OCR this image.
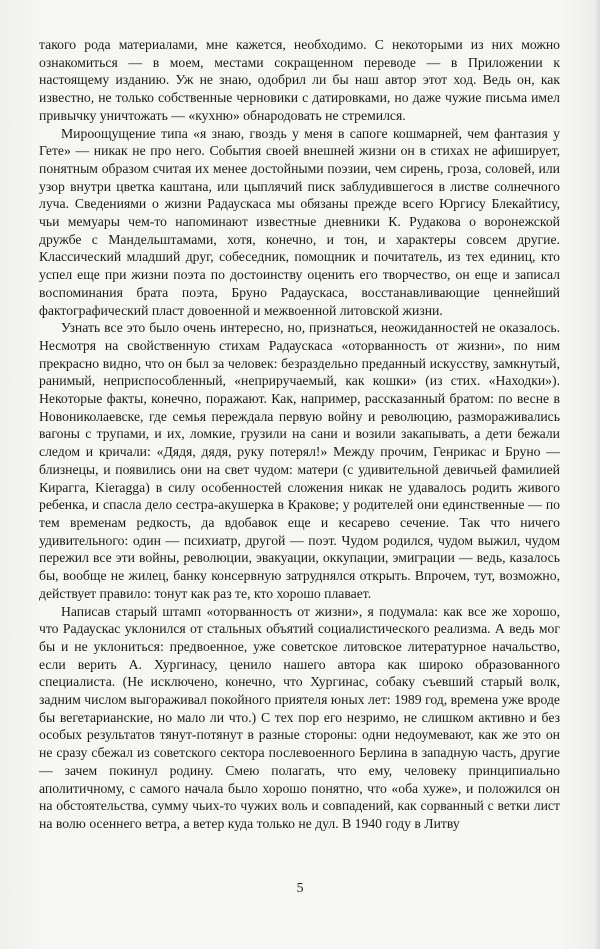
такого рода материалами, мне кажется, необходимо. С некоторыми из них можно ознакомиться — в моем, местами сокращенном переводе — в Приложении к настоящему изданию. Уж не знаю, одобрил ли бы наш автор этот ход. Ведь он, как известно, не только собственные черновики с датировками, но даже чужие письма имел привычку уничтожать — «кухню» обнародовать не стремился.

Мироощущение типа «я знаю, гвоздь у меня в сапоге кошмарней, чем фантазия у Гете» — никак не про него. События своей внешней жизни он в стихах не афиширует, понятным образом считая их менее достойными поэзии, чем сирень, гроза, соловей, или узор внутри цветка каштана, или цыплячий писк заблудившегося в листве солнечного луча. Сведениями о жизни Радаускаса мы обязаны прежде всего Юргису Блекайтису, чьи мемуары чем-то напоминают известные дневники К. Рудакова о воронежской дружбе с Мандельштамами, хотя, конечно, и тон, и характеры совсем другие. Классический младший друг, собеседник, помощник и почитатель, из тех единиц, кто успел еще при жизни поэта по достоинству оценить его творчество, он еще и записал воспоминания брата поэта, Бруно Радаускаса, восстанавливающие ценнейший фактографический пласт довоенной и межвоенной литовской жизни.

Узнать все это было очень интересно, но, признаться, неожиданностей не оказалось. Несмотря на свойственную стихам Радаускаса «оторванность от жизни», по ним прекрасно видно, что он был за человек: безраздельно преданный искусству, замкнутый, ранимый, неприспособленный, «неприручаемый, как кошки» (из стих. «Находки»). Некоторые факты, конечно, поражают. Как, например, рассказанный братом: по весне в Новониколаевске, где семья переждала первую войну и революцию, размораживались вагоны с трупами, и их, ломкие, грузили на сани и возили закапывать, а дети бежали следом и кричали: «Дядя, дядя, руку потерял!» Между прочим, Генрикас и Бруно — близнецы, и появились они на свет чудом: матери (с удивительной девичьей фамилией Кирагга, Kieragga) в силу особенностей сложения никак не удавалось родить живого ребенка, и спасла дело сестра-акушерка в Кракове; у родителей они единственные — по тем временам редкость, да вдобавок еще и кесарево сечение. Так что ничего удивительного: один — психиатр, другой — поэт. Чудом родился, чудом выжил, чудом пережил все эти войны, революции, эвакуации, оккупации, эмиграции — ведь, казалось бы, вообще не жилец, банку консервную затруднялся открыть. Впрочем, тут, возможно, действует правило: тонут как раз те, кто хорошо плавает.

Написав старый штамп «оторванность от жизни», я подумала: как все же хорошо, что Радаускас уклонился от стальных объятий социалистического реализма. А ведь мог бы и не уклониться: предвоенное, уже советское литовское литературное начальство, если верить А. Хургинасу, ценило нашего автора как широко образованного специалиста. (Не исключено, конечно, что Хургинас, собаку съевший старый волк, задним числом выгораживал покойного приятеля юных лет: 1989 год, времена уже вроде бы вегетарианские, но мало ли что.) С тех пор его незримо, не слишком активно и без особых результатов тянут-потянут в разные стороны: одни недоумевают, как же это он не сразу сбежал из советского сектора послевоенного Берлина в западную часть, другие — зачем покинул родину. Смею полагать, что ему, человеку принципиально аполитичному, с самого начала было хорошо понятно, что «оба хуже», и положился он на обстоятельства, сумму чьих-то чужих воль и совпадений, как сорванный с ветки лист на волю осеннего ветра, а ветер куда только не дул. В 1940 году в Литву

5
